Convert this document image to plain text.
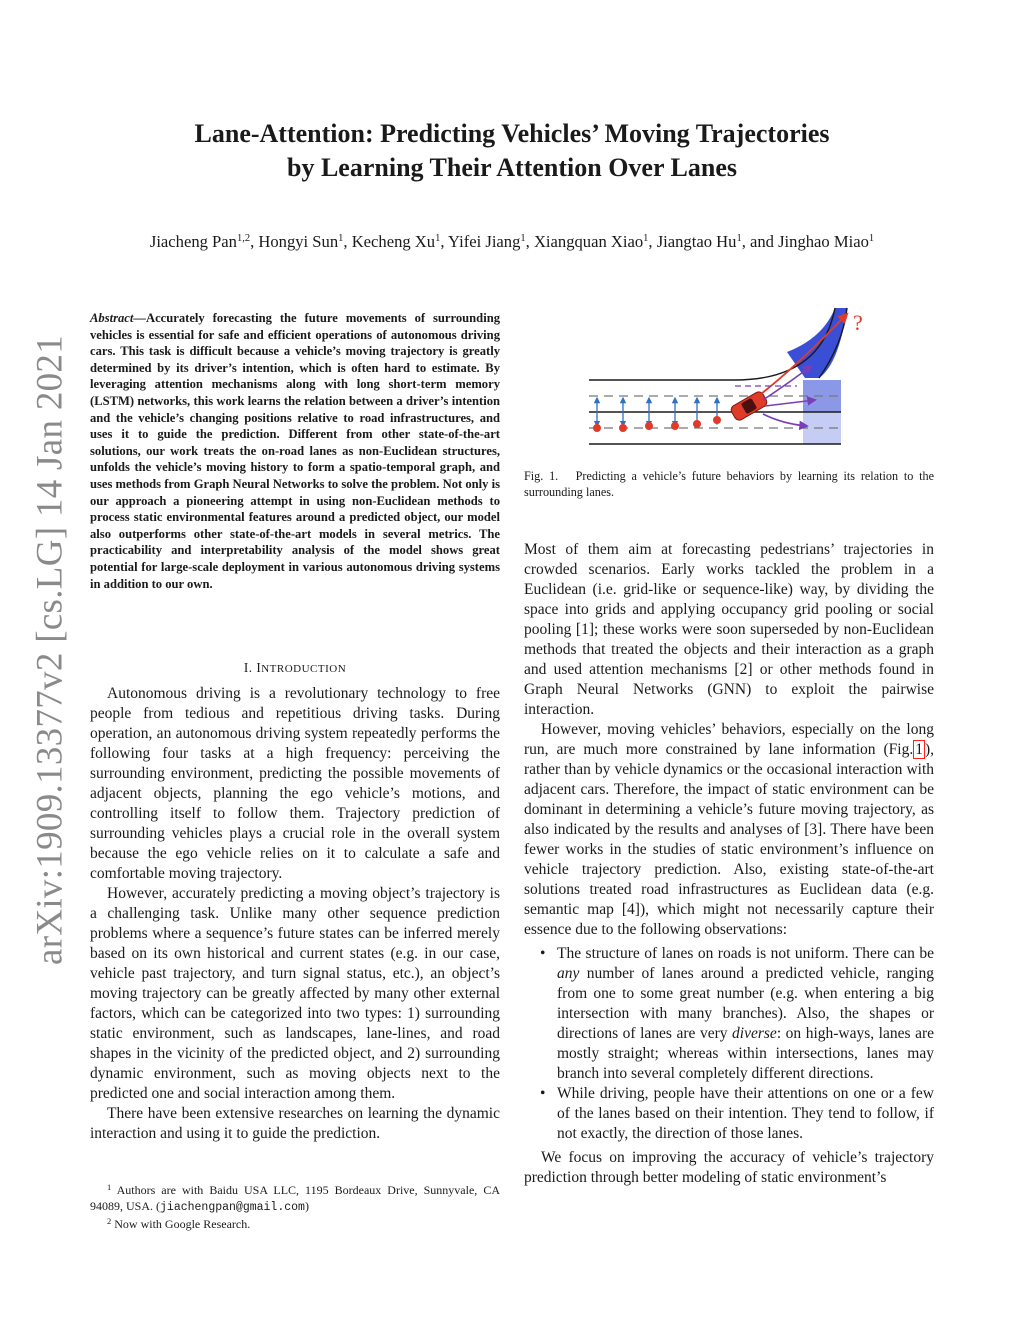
arXiv:1909.13377v2 [cs.LG] 14 Jan 2021
Lane-Attention: Predicting Vehicles’ Moving Trajectories
by Learning Their Attention Over Lanes
Jiacheng Pan$^{1,2}$, Hongyi Sun$^1$, Kecheng Xu$^1$, Yifei Jiang$^1$, Xiangquan Xiao$^1$, Jiangtao Hu$^1$, and Jinghao Miao$^1$

Abstract—Accurately forecasting the future movements of surrounding vehicles is essential for safe and efficient operations of autonomous driving cars. This task is difficult because a vehicle’s moving trajectory is greatly determined by its driver’s intention, which is often hard to estimate. By leveraging attention mechanisms along with long short-term memory (LSTM) networks, this work learns the relation between a driver’s intention and the vehicle’s changing positions relative to road infrastructures, and uses it to guide the prediction. Different from other state-of-the-art solutions, our work treats the on-road lanes as non-Euclidean structures, unfolds the vehicle’s moving history to form a spatio-temporal graph, and uses methods from Graph Neural Networks to solve the problem. Not only is our approach a pioneering attempt in using non-Euclidean methods to process static environmental features around a predicted object, our model also outperforms other state-of-the-art models in several metrics. The practicability and interpretability analysis of the model shows great potential for large-scale deployment in various autonomous driving systems in addition to our own.

I. INTRODUCTION

Autonomous driving is a revolutionary technology to free people from tedious and repetitious driving tasks. During operation, an autonomous driving system repeatedly performs the following four tasks at a high frequency: perceiving the surrounding environment, predicting the possible movements of adjacent objects, planning the ego vehicle’s motions, and controlling itself to follow them. Trajectory prediction of surrounding vehicles plays a crucial role in the overall system because the ego vehicle relies on it to calculate a safe and comfortable moving trajectory.

However, accurately predicting a moving object’s trajectory is a challenging task. Unlike many other sequence prediction problems where a sequence’s future states can be inferred merely based on its own historical and current states (e.g. in our case, vehicle past trajectory, and turn signal status, etc.), an object’s moving trajectory can be greatly affected by many other external factors, which can be categorized into two types: 1) surrounding static environment, such as landscapes, lane-lines, and road shapes in the vicinity of the predicted object, and 2) surrounding dynamic environment, such as moving objects next to the predicted one and social interaction among them.

There have been extensive researches on learning the dynamic interaction and using it to guide the prediction.

$^1$ Authors are with Baidu USA LLC, 1195 Bordeaux Drive, Sunnyvale, CA 94089, USA. (jiachengpan@gmail.com)

$^2$ Now with Google Research.

?

Fig. 1. Predicting a vehicle’s future behaviors by learning its relation to the surrounding lanes.

Most of them aim at forecasting pedestrians’ trajectories in crowded scenarios. Early works tackled the problem in a Euclidean (i.e. grid-like or sequence-like) way, by dividing the space into grids and applying occupancy grid pooling or social pooling [1]; these works were soon superseded by non-Euclidean methods that treated the objects and their interaction as a graph and used attention mechanisms [2] or other methods found in Graph Neural Networks (GNN) to exploit the pairwise interaction.

However, moving vehicles’ behaviors, especially on the long run, are much more constrained by lane information (Fig. 1 ), rather than by vehicle dynamics or the occasional interaction with adjacent cars. Therefore, the impact of static environment can be dominant in determining a vehicle’s future moving trajectory, as also indicated by the results and analyses of [3]. There have been fewer works in the studies of static environment’s influence on vehicle trajectory prediction. Also, existing state-of-the-art solutions treated road infrastructures as Euclidean data (e.g. semantic map [4]), which might not necessarily capture their essence due to the following observations:

• The structure of lanes on roads is not uniform. There can be any number of lanes around a predicted vehicle, ranging from one to some great number (e.g. when entering a big intersection with many branches). Also, the shapes or directions of lanes are very diverse: on high-ways, lanes are mostly straight; whereas within intersections, lanes may branch into several completely different directions.
• While driving, people have their attentions on one or a few of the lanes based on their intention. They tend to follow, if not exactly, the direction of those lanes.

We focus on improving the accuracy of vehicle’s trajectory prediction through better modeling of static environment’s
